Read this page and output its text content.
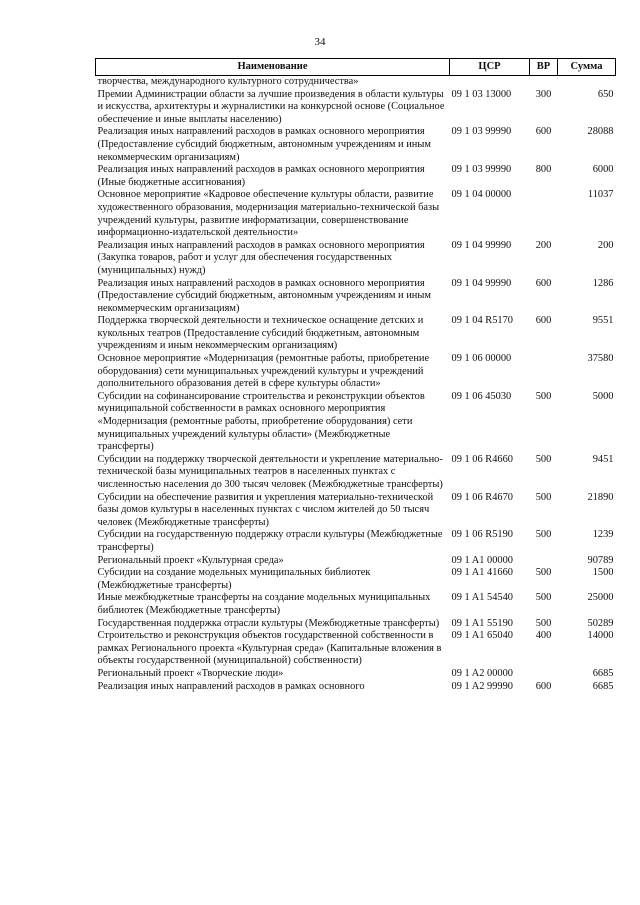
34
Наименование	ЦСР	ВР	Сумма
творчества, международного культурного сотрудничества»			
Премии Администрации области за лучшие произведения в области культуры и искусства, архитектуры и журналистики на конкурсной основе (Социальное обеспечение и иные выплаты населению)	09 1 03 13000	300	650
Реализация иных направлений расходов в рамках основного мероприятия (Предоставление субсидий бюджетным, автономным учреждениям и иным некоммерческим организациям)	09 1 03 99990	600	28088
Реализация иных направлений расходов в рамках основного мероприятия (Иные бюджетные ассигнования)	09 1 03 99990	800	6000
Основное мероприятие «Кадровое обеспечение культуры области, развитие художественного образования, модернизация материально-технической базы учреждений культуры, развитие информатизации, совершенствование информационно-издательской деятельности»	09 1 04 00000		11037
Реализация иных направлений расходов в рамках основного мероприятия (Закупка товаров, работ и услуг для обеспечения государственных (муниципальных) нужд)	09 1 04 99990	200	200
Реализация иных направлений расходов в рамках основного мероприятия (Предоставление субсидий бюджетным, автономным учреждениям и иным некоммерческим организациям)	09 1 04 99990	600	1286
Поддержка творческой деятельности и техническое оснащение детских и кукольных театров (Предоставление субсидий бюджетным, автономным учреждениям и иным некоммерческим организациям)	09 1 04 R5170	600	9551
Основное мероприятие «Модернизация (ремонтные работы, приобретение оборудования) сети муниципальных учреждений культуры и учреждений дополнительного образования детей в сфере культуры области»	09 1 06 00000		37580
Субсидии на софинансирование строительства и реконструкции объектов муниципальной собственности в рамках основного мероприятия «Модернизация (ремонтные работы, приобретение оборудования) сети муниципальных учреждений культуры области» (Межбюджетные трансферты)	09 1 06 45030	500	5000
Субсидии на поддержку творческой деятельности и укрепление материально-технической базы муниципальных театров в населенных пунктах с численностью населения до 300 тысяч человек (Межбюджетные трансферты)	09 1 06 R4660	500	9451
Субсидии на обеспечение развития и укрепления материально-технической базы домов культуры в населенных пунктах с числом жителей до 50 тысяч человек (Межбюджетные трансферты)	09 1 06 R4670	500	21890
Субсидии на государственную поддержку отрасли культуры (Межбюджетные трансферты)	09 1 06 R5190	500	1239
Региональный проект «Культурная среда»	09 1 A1 00000		90789
Субсидии на создание модельных муниципальных библиотек (Межбюджетные трансферты)	09 1 A1 41660	500	1500
Иные межбюджетные трансферты на создание модельных муниципальных библиотек (Межбюджетные трансферты)	09 1 A1 54540	500	25000
Государственная поддержка отрасли культуры (Межбюджетные трансферты)	09 1 A1 55190	500	50289
Строительство и реконструкция объектов государственной собственности в рамках Регионального проекта «Культурная среда» (Капитальные вложения в объекты государственной (муниципальной) собственности)	09 1 A1 65040	400	14000
Региональный проект «Творческие люди»	09 1 A2 00000		6685
Реализация иных направлений расходов в рамках основного	09 1 A2 99990	600	6685
